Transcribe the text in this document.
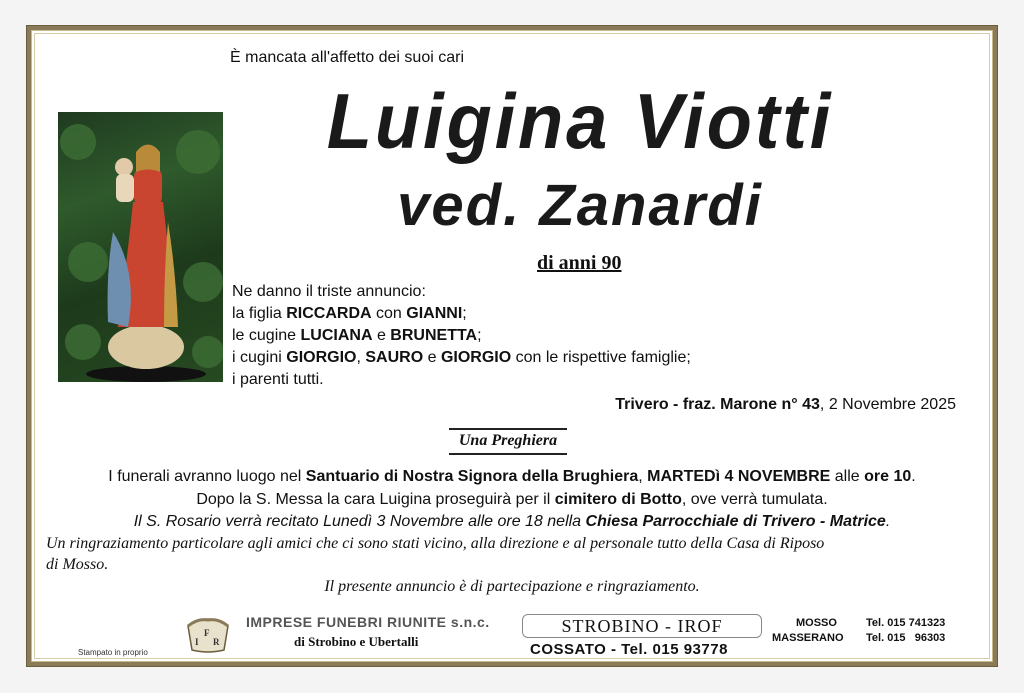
È mancata all'affetto dei suoi cari
Luigina Viotti
ved. Zanardi
di anni 90
Ne danno il triste annuncio:
la figlia RICCARDA con GIANNI;
le cugine LUCIANA e BRUNETTA;
i cugini GIORGIO, SAURO e GIORGIO con le rispettive famiglie;
i parenti tutti.
Trivero - fraz. Marone n° 43, 2 Novembre 2025
Una Preghiera
I funerali avranno luogo nel Santuario di Nostra Signora della Brughiera, MARTEDì 4 NOVEMBRE alle ore 10.
Dopo la S. Messa la cara Luigina proseguirà per il cimitero di Botto, ove verrà tumulata.
Il S. Rosario verrà recitato Lunedì 3 Novembre alle ore 18 nella Chiesa Parrocchiale di Trivero - Matrice.
Un ringraziamento particolare agli amici che ci sono stati vicino, alla direzione e al personale tutto della Casa di Riposo
di Mosso.
Il presente annuncio è di partecipazione e ringraziamento.
I
F
R
IMPRESE FUNEBRI RIUNITE s.n.c.
di Strobino e Ubertalli
STROBINO - IROF
COSSATO - Tel. 015 93778
MOSSO	Tel. 015 741323
MASSERANO Tel. 015   96303
Stampato in proprio
